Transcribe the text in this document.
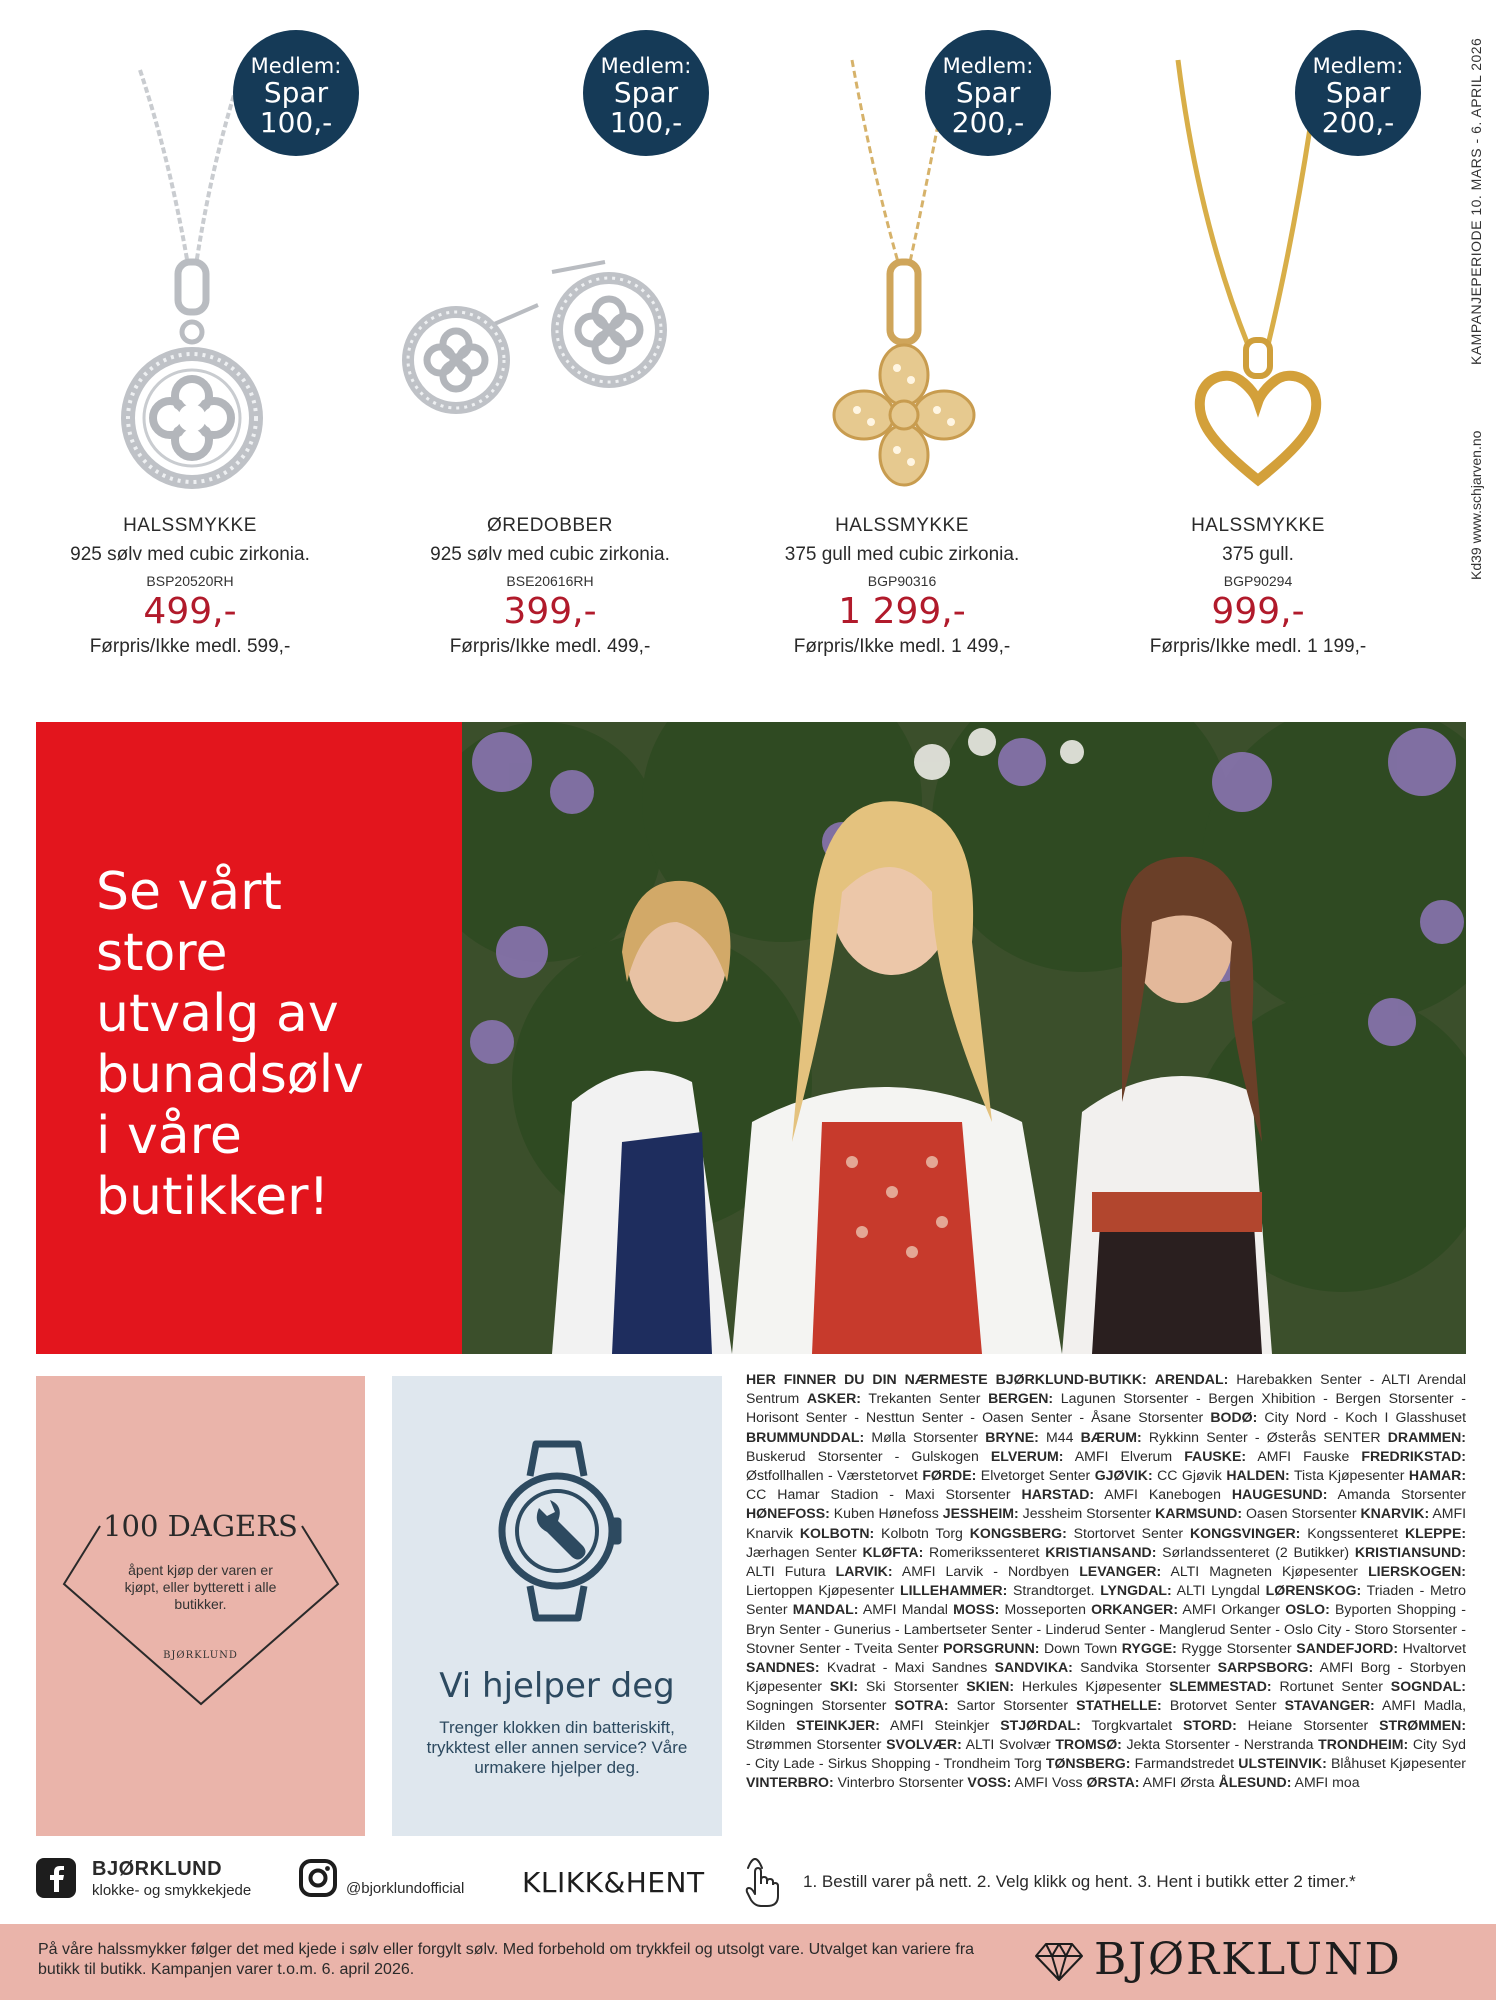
Medlem:
Spar
100,-
HALSSMYKKE
925 sølv med cubic zirkonia.
BSP20520RH
499,-
Førpris/Ikke medl. 599,-
Medlem:
Spar
100,-
ØREDOBBER
925 sølv med cubic zirkonia.
BSE20616RH
399,-
Førpris/Ikke medl. 499,-
Medlem:
Spar
200,-
HALSSMYKKE
375 gull med cubic zirkonia.
BGP90316
1 299,-
Førpris/Ikke medl. 1 499,-
Medlem:
Spar
200,-
HALSSMYKKE
375 gull.
BGP90294
999,-
Førpris/Ikke medl. 1 199,-
KAMPANJEPERIODE 10. MARS - 6. APRIL 2026
Kd39 www.schjarven.no
Se vårt
store
utvalg av
bunadsølv
i våre
butikker!
100 DAGERS
åpent kjøp der varen er kjøpt, eller bytterett i alle butikker.
BJØRKLUND
Vi hjelper deg
Trenger klokken din batteriskift, trykktest eller annen service? Våre urmakere hjelper deg.
HER FINNER DU DIN NÆRMESTE BJØRKLUND-BUTIKK: ARENDAL: Harebakken Senter - ALTI Arendal Sentrum ASKER: Trekanten Senter BERGEN: Lagunen Storsenter - Bergen Xhibition - Bergen Storsenter - Horisont Senter - Nesttun Senter - Oasen Senter - Åsane Storsenter BODØ: City Nord - Koch I Glasshuset BRUMMUNDDAL: Mølla Storsenter BRYNE: M44 BÆRUM: Rykkinn Senter - Østerås SENTER DRAMMEN: Buskerud Storsenter - Gulskogen ELVERUM: AMFI Elverum FAUSKE: AMFI Fauske FREDRIKSTAD: Østfollhallen - Værstetorvet FØRDE: Elvetorget Senter GJØVIK: CC Gjøvik HALDEN: Tista Kjøpesenter HAMAR: CC Hamar Stadion - Maxi Storsenter HARSTAD: AMFI Kanebogen HAUGESUND: Amanda Storsenter HØNEFOSS: Kuben Hønefoss JESSHEIM: Jessheim Storsenter KARMSUND: Oasen Storsenter KNARVIK: AMFI Knarvik KOLBOTN: Kolbotn Torg KONGSBERG: Stortorvet Senter KONGSVINGER: Kongssenteret KLEPPE: Jærhagen Senter KLØFTA: Romerikssenteret KRISTIANSAND: Sørlandssenteret (2 Butikker) KRISTIANSUND: ALTI Futura LARVIK: AMFI Larvik - Nordbyen LEVANGER: ALTI Magneten Kjøpesenter LIERSKOGEN: Liertoppen Kjøpesenter LILLEHAMMER: Strandtorget. LYNGDAL: ALTI Lyngdal LØRENSKOG: Triaden - Metro Senter MANDAL: AMFI Mandal MOSS: Mosseporten ORKANGER: AMFI Orkanger OSLO: Byporten Shopping - Bryn Senter - Gunerius - Lambertseter Senter - Linderud Senter - Manglerud Senter - Oslo City - Storo Storsenter - Stovner Senter - Tveita Senter PORSGRUNN: Down Town RYGGE: Rygge Storsenter SANDEFJORD: Hvaltorvet SANDNES: Kvadrat - Maxi Sandnes SANDVIKA: Sandvika Storsenter SARPSBORG: AMFI Borg - Storbyen Kjøpesenter SKI: Ski Storsenter SKIEN: Herkules Kjøpesenter SLEMMESTAD: Rortunet Senter SOGNDAL: Sogningen Storsenter SOTRA: Sartor Storsenter STATHELLE: Brotorvet Senter STAVANGER: AMFI Madla, Kilden STEINKJER: AMFI Steinkjer STJØRDAL: Torgkvartalet STORD: Heiane Storsenter STRØMMEN: Strømmen Storsenter SVOLVÆR: ALTI Svolvær TROMSØ: Jekta Storsenter - Nerstranda TRONDHEIM: City Syd - City Lade - Sirkus Shopping - Trondheim Torg TØNSBERG: Farmandstredet ULSTEINVIK: Blåhuset Kjøpesenter VINTERBRO: Vinterbro Storsenter VOSS: AMFI Voss ØRSTA: AMFI Ørsta ÅLESUND: AMFI moa
BJØRKLUND
klokke- og smykkekjede	@bjorklundofficial KLIKK&HENT	1. Bestill varer på nett. 2. Velg klikk og hent. 3. Hent i butikk etter 2 timer.*
På våre halssmykker følger det med kjede i sølv eller forgylt sølv. Med forbehold om trykkfeil og utsolgt vare. Utvalget kan variere fra butikk til butikk. Kampanjen varer t.o.m. 6. april 2026.	BJØRKLUND
